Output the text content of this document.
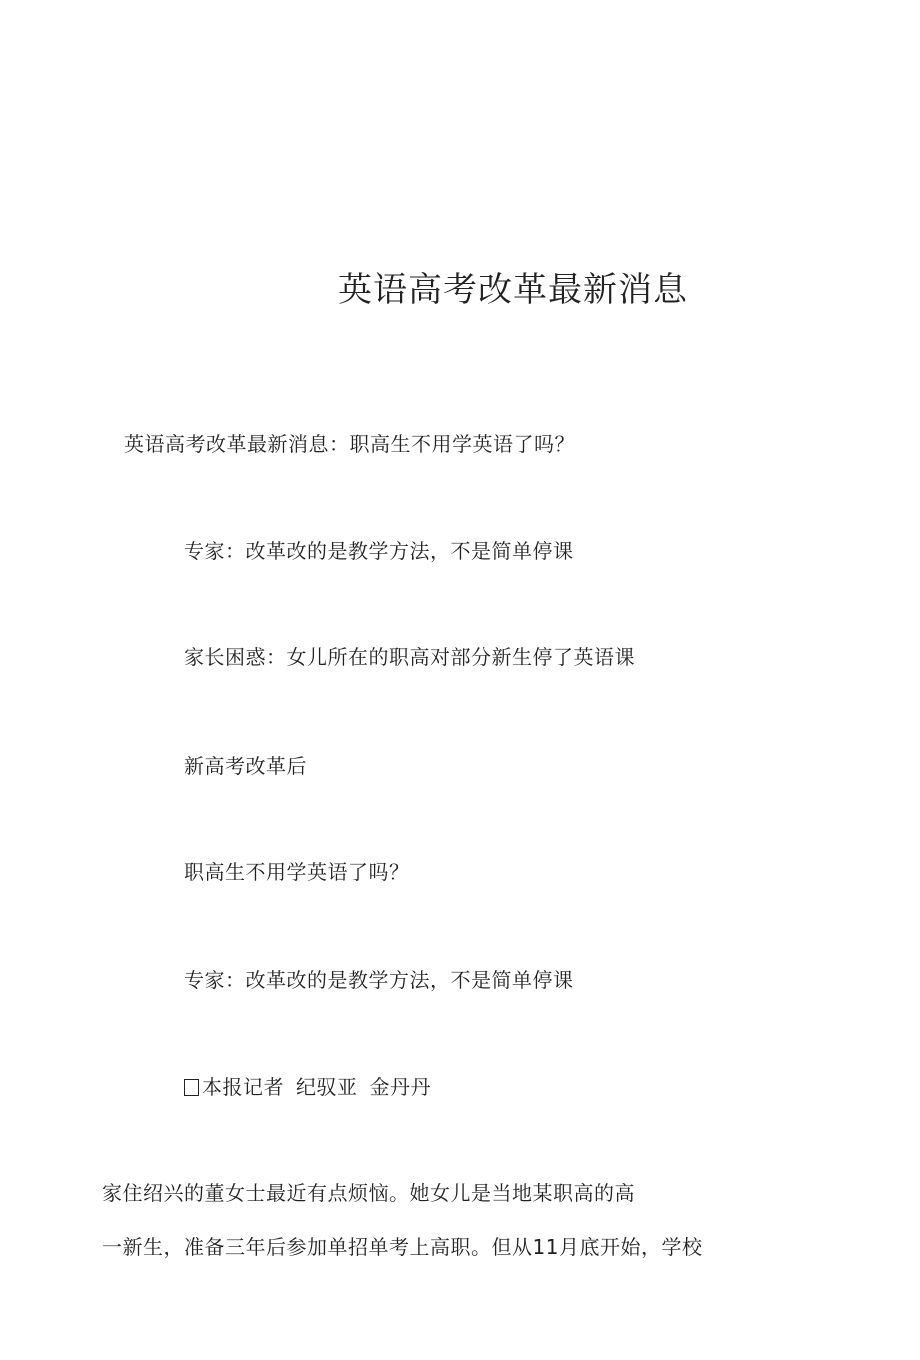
英语高考改革最新消息
英语高考改革最新消息：职高生不用学英语了吗？
专家：改革改的是教学方法，不是简单停课
家长困惑：女儿所在的职高对部分新生停了英语课
新高考改革后
职高生不用学英语了吗？
专家：改革改的是教学方法，不是简单停课
本报记者 纪驭亚 金丹丹
家住绍兴的董女士最近有点烦恼。她女儿是当地某职高的高
一新生，准备三年后参加单招单考上高职。但从11月底开始，学校
